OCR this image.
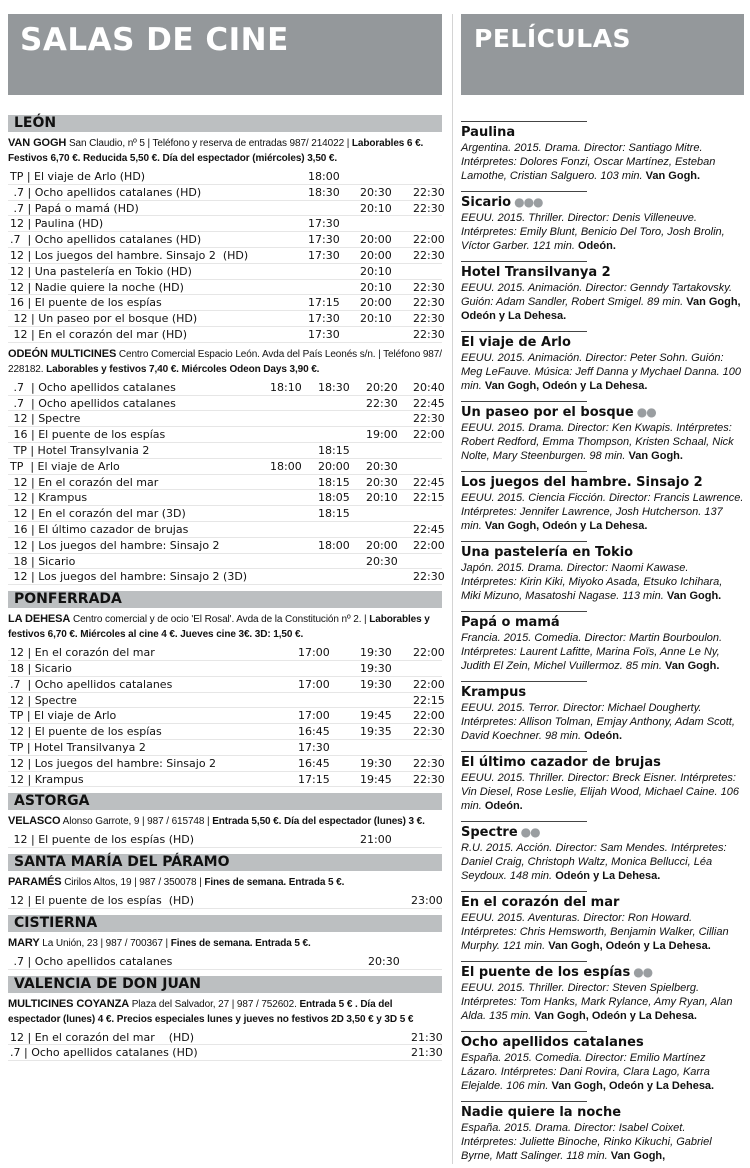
SALAS DE CINE
LEÓN
VAN GOGH San Claudio, nº 5 | Teléfono y reserva de entradas 987/ 214022 | Laborables 6 €. Festivos 6,70 €. Reducida 5,50 €. Día del espectador (miércoles) 3,50 €.
TP | El viaje de Arlo (HD)	18:00
.7 | Ocho apellidos catalanes (HD)	18:30 20:30 22:30
.7 | Papá o mamá (HD)	20:10 22:30
12 | Paulina (HD)	17:30
.7  | Ocho apellidos catalanes (HD)	17:30 20:00 22:00
12 | Los juegos del hambre. Sinsajo 2  (HD)	17:30 20:00 22:30
12 | Una pastelería en Tokio (HD)	20:10
12 | Nadie quiere la noche (HD)	20:10 22:30
16 | El puente de los espías	17:15 20:00 22:30
12 | Un paseo por el bosque (HD)	17:30 20:10 22:30
12 | En el corazón del mar (HD)	17:30	22:30
ODEÓN MULTICINES Centro Comercial Espacio León. Avda del País Leonés s/n. | Teléfono 987/ 228182. Laborables y festivos 7,40 €. Miércoles Odeon Days 3,90 €.
.7  | Ocho apellidos catalanes	18:10 18:30 20:20 20:40
.7  | Ocho apellidos catalanes	22:30 22:45
12 | Spectre	22:30
16 | El puente de los espías	19:00 22:00
TP | Hotel Transylvania 2	18:15
TP  | El viaje de Arlo	18:00 20:00 20:30
12 | En el corazón del mar	18:15 20:30 22:45
12 | Krampus	18:05 20:10 22:15
12 | En el corazón del mar (3D)	18:15
16 | El último cazador de brujas	22:45
12 | Los juegos del hambre: Sinsajo 2	18:00 20:00 22:00
18 | Sicario	20:30
12 | Los juegos del hambre: Sinsajo 2 (3D)	22:30
PONFERRADA
LA DEHESA Centro comercial y de ocio 'El Rosal'. Avda de la Constitución nº 2. | Laborables y festivos 6,70 €. Miércoles al cine 4 €. Jueves cine 3€. 3D: 1,50 €.
12 | En el corazón del mar	17:00	19:30 22:00
18 | Sicario	19:30
.7  | Ocho apellidos catalanes	17:00	19:30 22:00
12 | Spectre	22:15
TP | El viaje de Arlo	17:00	19:45 22:00
12 | El puente de los espías	16:45	19:35 22:30
TP | Hotel Transilvanya 2	17:30
12 | Los juegos del hambre: Sinsajo 2	16:45	19:30 22:30
12 | Krampus	17:15	19:45 22:30
ASTORGA
VELASCO Alonso Garrote, 9 | 987 / 615748 | Entrada 5,50 €. Día del espectador (lunes) 3 €.
12 | El puente de los espías (HD)	21:00
SANTA MARÍA DEL PÁRAMO
PARAMÉS Cirilos Altos, 19 | 987 / 350078 | Fines de semana. Entrada 5 €.
12 | El puente de los espías  (HD)	23:00
CISTIERNA
MARY La Unión, 23 | 987 / 700367 | Fines de semana. Entrada 5 €.
.7 | Ocho apellidos catalanes	20:30
VALENCIA DE DON JUAN
MULTICINES COYANZA Plaza del Salvador, 27 | 987 / 752602. Entrada 5 € . Día del espectador (lunes) 4 €. Precios especiales lunes y jueves no festivos 2D 3,50 € y 3D 5 €
12 | En el corazón del mar    (HD)	21:30
.7 | Ocho apellidos catalanes (HD)	21:30
PELÍCULAS
Paulina
Argentina. 2015. Drama. Director: Santiago Mitre. Intérpretes: Dolores Fonzi, Oscar Martínez, Esteban Lamothe, Cristian Salguero. 103 min. Van Gogh.
Sicario ●●●
EEUU. 2015. Thriller. Director: Denis Villeneuve. Intérpretes: Emily Blunt, Benicio Del Toro, Josh Brolin, Víctor Garber. 121 min. Odeón.
Hotel Transilvanya 2
EEUU. 2015. Animación. Director: Genndy Tartakovsky. Guión: Adam Sandler, Robert Smigel. 89 min. Van Gogh, Odeón y La Dehesa.
El viaje de Arlo
EEUU. 2015. Animación. Director: Peter Sohn. Guión: Meg LeFauve. Música: Jeff Danna y Mychael Danna. 100 min. Van Gogh, Odeón y La Dehesa.
Un paseo por el bosque ●●
EEUU. 2015. Drama. Director: Ken Kwapis. Intérpretes: Robert Redford, Emma Thompson, Kristen Schaal, Nick Nolte, Mary Steenburgen. 98 min. Van Gogh.
Los juegos del hambre. Sinsajo 2
EEUU. 2015. Ciencia Ficción. Director: Francis Lawrence. Intérpretes: Jennifer Lawrence, Josh Hutcherson. 137 min. Van Gogh, Odeón y La Dehesa.
Una pastelería en Tokio
Japón. 2015. Drama. Director: Naomi Kawase. Intérpretes: Kirin Kiki, Miyoko Asada, Etsuko Ichihara, Miki Mizuno, Masatoshi Nagase. 113 min. Van Gogh.
Papá o mamá
Francia. 2015. Comedia. Director: Martin Bourboulon. Intérpretes: Laurent Lafitte, Marina Foïs, Anne Le Ny, Judith El Zein, Michel Vuillermoz. 85 min. Van Gogh.
Krampus
EEUU. 2015. Terror. Director: Michael Dougherty. Intérpretes: Allison Tolman, Emjay Anthony, Adam Scott, David Koechner. 98 min. Odeón.
El último cazador de brujas
EEUU. 2015. Thriller. Director: Breck Eisner. Intérpretes: Vin Diesel, Rose Leslie, Elijah Wood, Michael Caine. 106 min. Odeón.
Spectre ●●
R.U. 2015. Acción. Director: Sam Mendes. Intérpretes: Daniel Craig, Christoph Waltz, Monica Bellucci, Léa Seydoux. 148 min. Odeón y La Dehesa.
En el corazón del mar
EEUU. 2015. Aventuras. Director: Ron Howard. Intérpretes: Chris Hemsworth, Benjamin Walker, Cillian Murphy. 121 min. Van Gogh, Odeón y La Dehesa.
El puente de los espías ●●
EEUU. 2015. Thriller. Director: Steven Spielberg. Intérpretes: Tom Hanks, Mark Rylance, Amy Ryan, Alan Alda. 135 min. Van Gogh, Odeón y La Dehesa.
Ocho apellidos catalanes
España. 2015. Comedia. Director: Emilio Martínez Lázaro. Intérpretes: Dani Rovira, Clara Lago, Karra Elejalde. 106 min. Van Gogh, Odeón y La Dehesa.
Nadie quiere la noche
España. 2015. Drama. Director: Isabel Coixet. Intérpretes: Juliette Binoche, Rinko Kikuchi, Gabriel Byrne, Matt Salinger. 118 min. Van Gogh,
